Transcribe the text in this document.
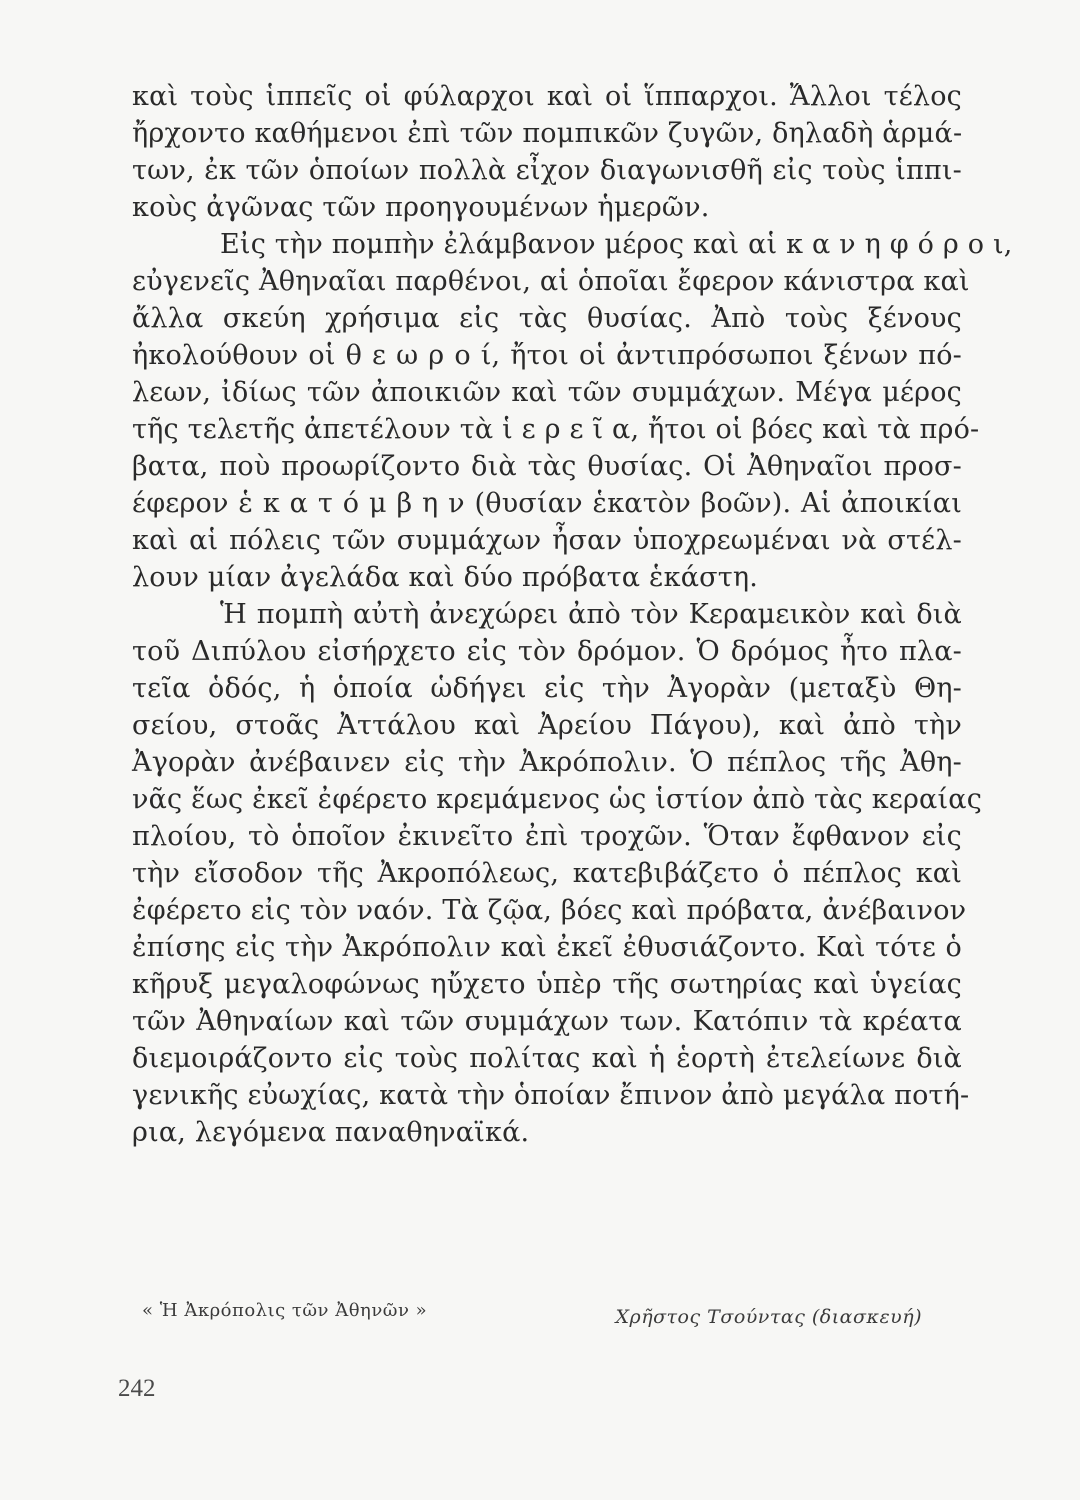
καὶ τοὺς ἱππεῖς οἱ φύλαρχοι καὶ οἱ ἵππαρχοι. Ἄλλοι τέλος
ἤρχοντο καθήμενοι ἐπὶ τῶν πομπικῶν ζυγῶν, δηλαδὴ ἁρμά-
των, ἐκ τῶν ὁποίων πολλὰ εἶχον διαγωνισθῆ εἰς τοὺς ἱππι-
κοὺς ἀγῶνας τῶν προηγουμένων ἡμερῶν.
Εἰς τὴν πομπὴν ἐλάμβανον μέρος καὶ αἱ κ α ν η φ ό ρ ο ι,
εὐγενεῖς Ἀθηναῖαι παρθένοι, αἱ ὁποῖαι ἔφερον κάνιστρα καὶ
ἄλλα σκεύη χρήσιμα εἰς τὰς θυσίας. Ἀπὸ τοὺς ξένους
ἠκολούθουν οἱ θ ε ω ρ ο ί, ἤτοι οἱ ἀντιπρόσωποι ξένων πό-
λεων, ἰδίως τῶν ἀποικιῶν καὶ τῶν συμμάχων. Μέγα μέρος
τῆς τελετῆς ἀπετέλουν τὰ ἱ ε ρ ε ῖ α, ἤτοι οἱ βόες καὶ τὰ πρό-
βατα, ποὺ προωρίζοντο διὰ τὰς θυσίας. Οἱ Ἀθηναῖοι προσ-
έφερον ἑ κ α τ ό μ β η ν (θυσίαν ἑκατὸν βοῶν). Αἱ ἀποικίαι
καὶ αἱ πόλεις τῶν συμμάχων ἦσαν ὑποχρεωμέναι νὰ στέλ-
λουν μίαν ἀγελάδα καὶ δύο πρόβατα ἑκάστη.
Ἡ πομπὴ αὐτὴ ἀνεχώρει ἀπὸ τὸν Κεραμεικὸν καὶ διὰ
τοῦ Διπύλου εἰσήρχετο εἰς τὸν δρόμον. Ὁ δρόμος ἦτο πλα-
τεῖα ὁδός, ἡ ὁποία ὡδήγει εἰς τὴν Ἀγορὰν (μεταξὺ Θη-
σείου, στοᾶς Ἀττάλου καὶ Ἀρείου Πάγου), καὶ ἀπὸ τὴν
Ἀγορὰν ἀνέβαινεν εἰς τὴν Ἀκρόπολιν. Ὁ πέπλος τῆς Ἀθη-
νᾶς ἕως ἐκεῖ ἐφέρετο κρεμάμενος ὡς ἱστίον ἀπὸ τὰς κεραίας
πλοίου, τὸ ὁποῖον ἐκινεῖτο ἐπὶ τροχῶν. Ὅταν ἔφθανον εἰς
τὴν εἴσοδον τῆς Ἀκροπόλεως, κατεβιβάζετο ὁ πέπλος καὶ
ἐφέρετο εἰς τὸν ναόν. Τὰ ζῷα, βόες καὶ πρόβατα, ἀνέβαινον
ἐπίσης εἰς τὴν Ἀκρόπολιν καὶ ἐκεῖ ἐθυσιάζοντο. Καὶ τότε ὁ
κῆρυξ μεγαλοφώνως ηὔχετο ὑπὲρ τῆς σωτηρίας καὶ ὑγείας
τῶν Ἀθηναίων καὶ τῶν συμμάχων των. Κατόπιν τὰ κρέατα
διεμοιράζοντο εἰς τοὺς πολίτας καὶ ἡ ἑορτὴ ἐτελείωνε διὰ
γενικῆς εὐωχίας, κατὰ τὴν ὁποίαν ἔπινον ἀπὸ μεγάλα ποτή-
ρια, λεγόμενα παναθηναϊκά.
« Ἡ Ἀκρόπολις τῶν Ἀθηνῶν »	Χρῆστος Τσούντας (διασκευή)
242
